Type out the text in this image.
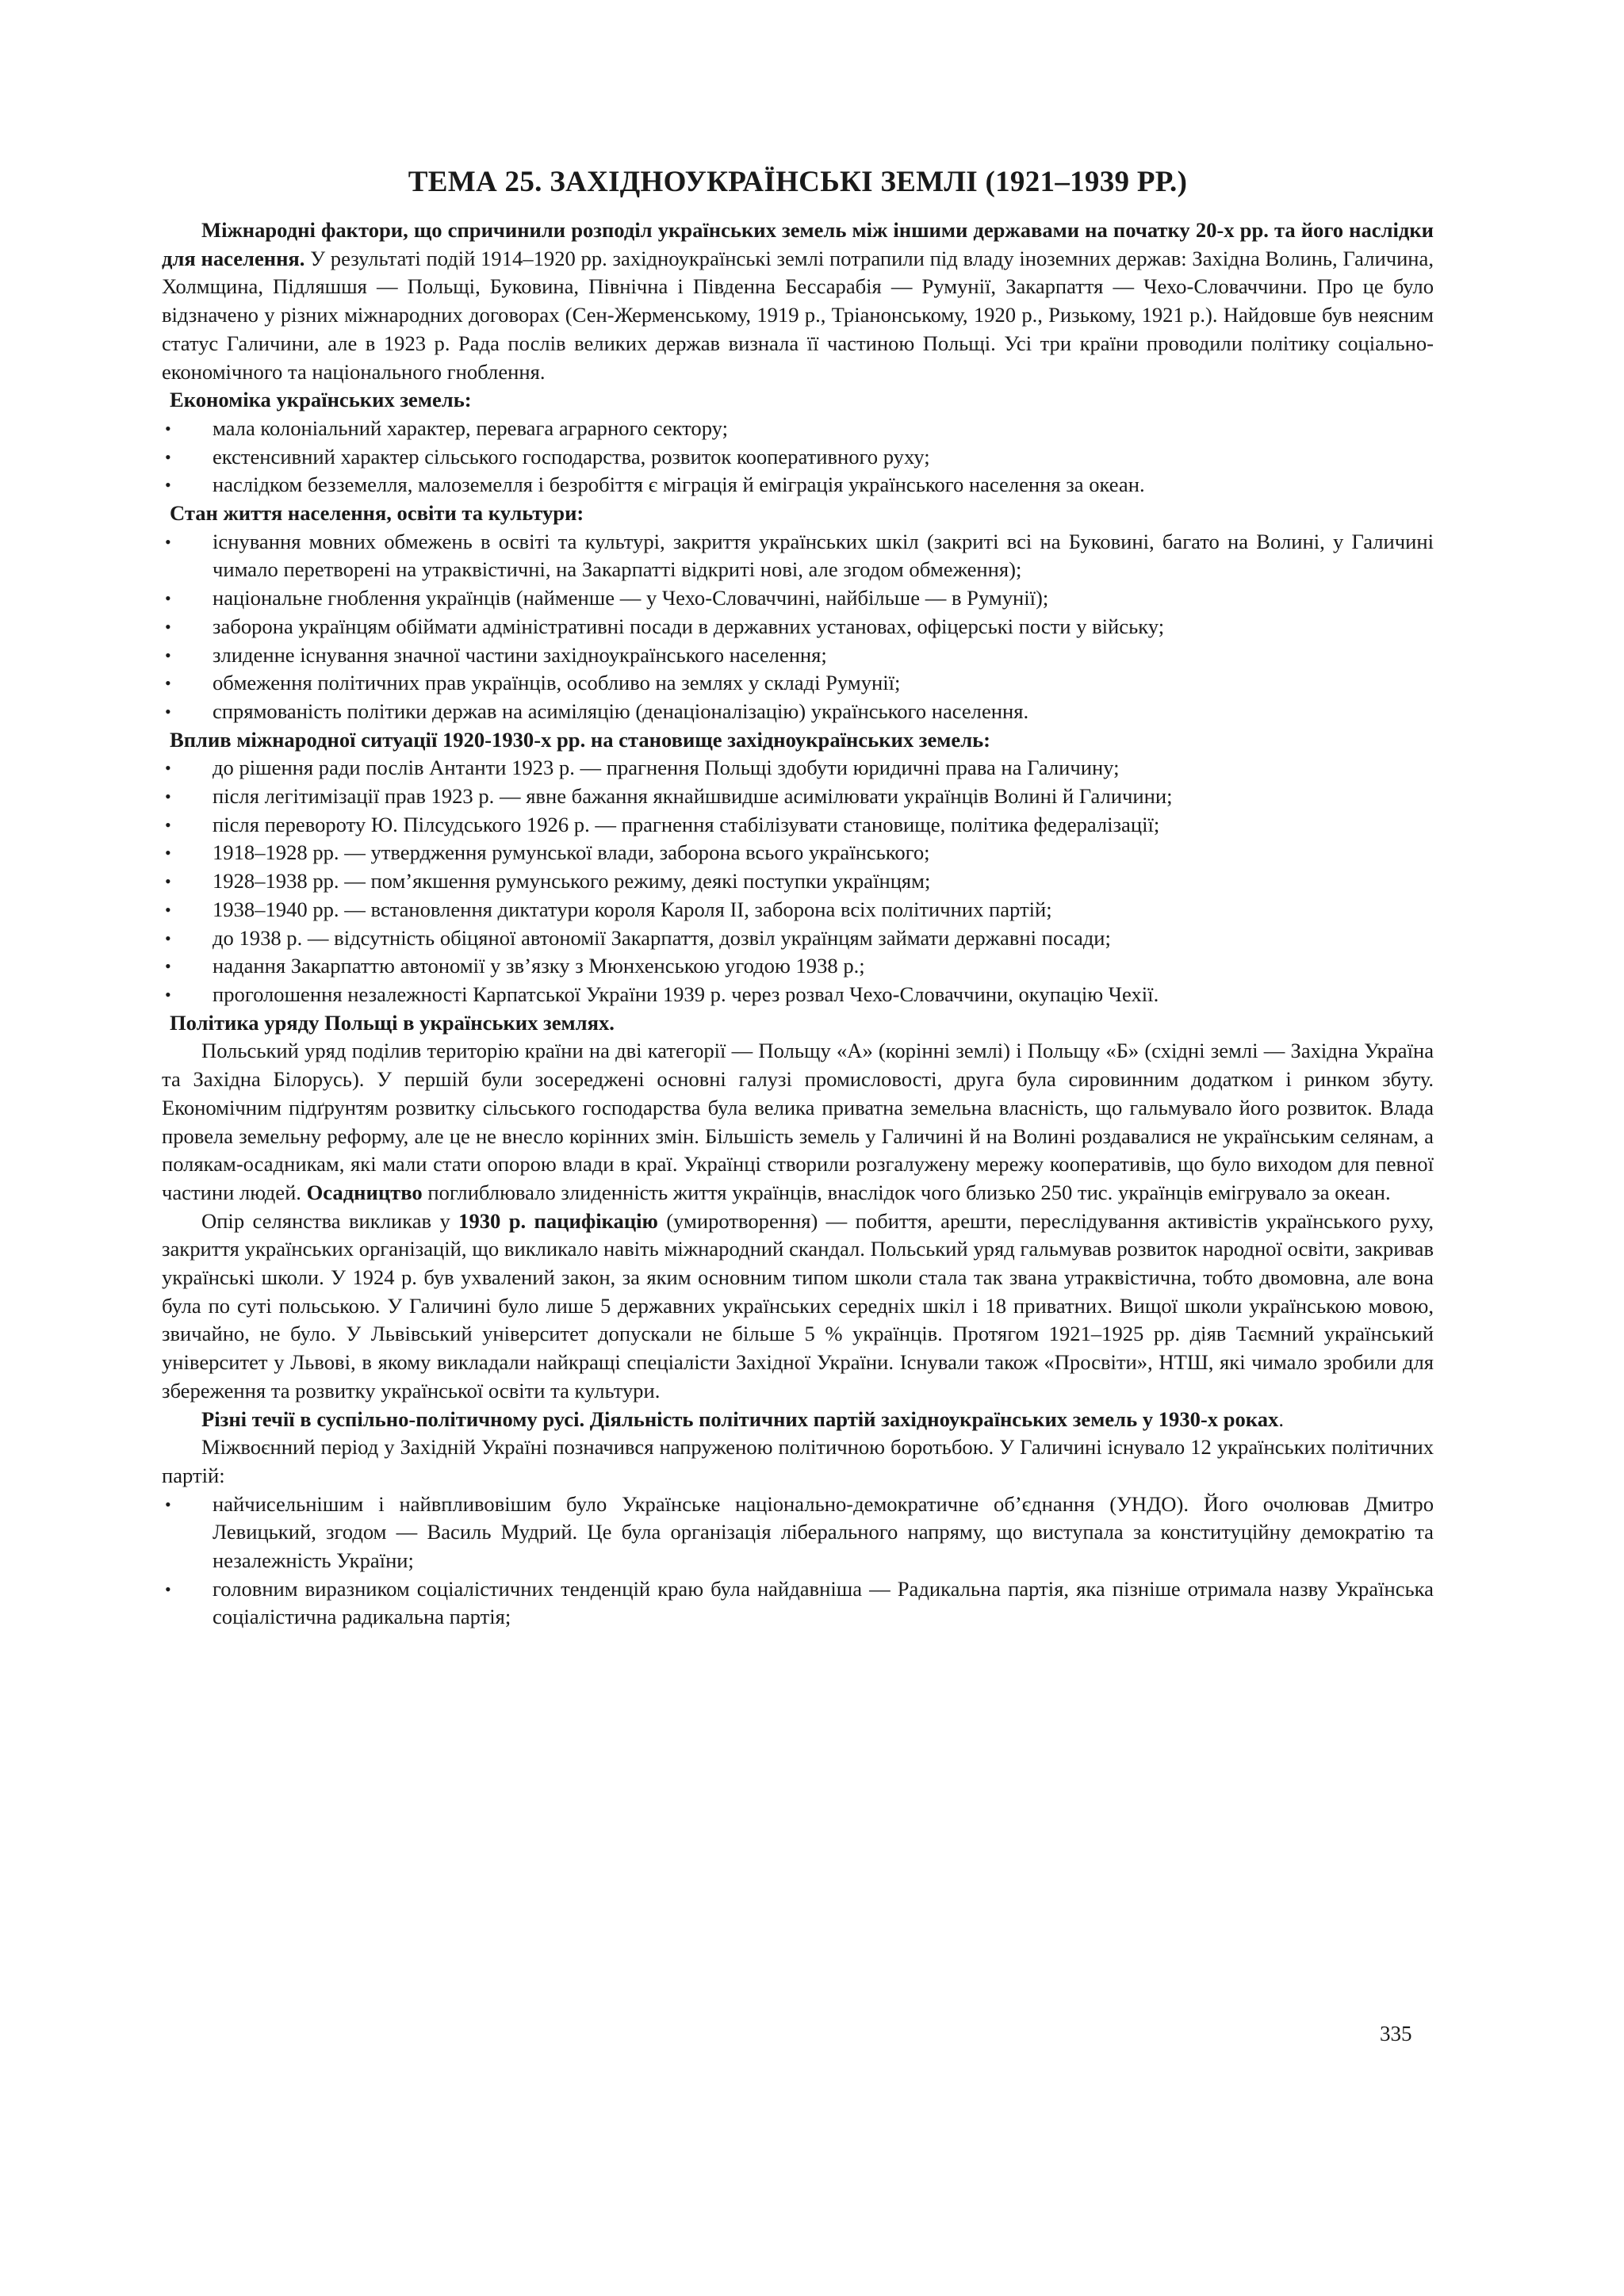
ТЕМА 25. ЗАХІДНОУКРАЇНСЬКІ ЗЕМЛІ (1921–1939 РР.)

Міжнародні фактори, що спричинили розподіл українських земель між іншими державами на початку 20-х рр. та його наслідки для населення. У результаті подій 1914–1920 рр. західноукраїнські землі потрапили під владу іноземних держав: Західна Волинь, Галичина, Холмщина, Підляшшя — Польщі, Буковина, Північна і Південна Бессарабія — Румунії, Закарпаття — Чехо-Словаччини. Про це було відзначено у різних міжнародних договорах (Сен-Жерменському, 1919 р., Тріанонському, 1920 р., Ризькому, 1921 р.). Найдовше був неясним статус Галичини, але в 1923 р. Рада послів великих держав визнала її частиною Польщі. Усі три країни проводили політику соціально-економічного та національного гноблення.

Економіка українських земель:

• мала колоніальний характер, перевага аграрного сектору;
• екстенсивний характер сільського господарства, розвиток кооперативного руху;
• наслідком безземелля, малоземелля і безробіття є міграція й еміграція українського населення за океан.

Стан життя населення, освіти та культури:

• існування мовних обмежень в освіті та культурі, закриття українських шкіл (закриті всі на Буковині, багато на Волині, у Галичині чимало перетворені на утраквістичні, на Закарпатті відкриті нові, але згодом обмеження);
• національне гноблення українців (найменше — у Чехо-Словаччині, найбільше — в Румунії);
• заборона українцям обіймати адміністративні посади в державних установах, офіцерські пости у війську;
• злиденне існування значної частини західноукраїнського населення;
• обмеження політичних прав українців, особливо на землях у складі Румунії;
• спрямованість політики держав на асиміляцію (денаціоналізацію) українського населення.

Вплив міжнародної ситуації 1920-1930-х рр. на становище західноукраїнських земель:

• до рішення ради послів Антанти 1923 р. — прагнення Польщі здобути юридичні права на Галичину;
• після легітимізації прав 1923 р. — явне бажання якнайшвидше асимілювати українців Волині й Галичини;
• після перевороту Ю. Пілсудського 1926 р. — прагнення стабілізувати становище, політика федералізації;
• 1918–1928 рр. — утвердження румунської влади, заборона всього українського;
• 1928–1938 рр. — пом’якшення румунського режиму, деякі поступки українцям;
• 1938–1940 рр. — встановлення диктатури короля Кароля II, заборона всіх політичних партій;
• до 1938 р. — відсутність обіцяної автономії Закарпаття, дозвіл українцям займати державні посади;
• надання Закарпаттю автономії у зв’язку з Мюнхенською угодою 1938 р.;
• проголошення незалежності Карпатської України 1939 р. через розвал Чехо-Словаччини, окупацію Чехії.

Політика уряду Польщі в українських землях.

Польський уряд поділив територію країни на дві категорії — Польщу «А» (корінні землі) і Польщу «Б» (східні землі — Західна Україна та Західна Білорусь). У першій були зосереджені основні галузі промисловості, друга була сировинним додатком і ринком збуту. Економічним підґрунтям розвитку сільського господарства була велика приватна земельна власність, що гальмувало його розвиток. Влада провела земельну реформу, але це не внесло корінних змін. Більшість земель у Галичині й на Волині роздавалися не українським селянам, а полякам-осадникам, які мали стати опорою влади в краї. Українці створили розгалужену мережу кооперативів, що було виходом для певної частини людей. Осадництво поглиблювало злиденність життя українців, внаслідок чого близько 250 тис. українців емігрувало за океан.

Опір селянства викликав у 1930 р. пацифікацію (умиротворення) — побиття, арешти, переслідування активістів українського руху, закриття українських організацій, що викликало навіть міжнародний скандал. Польський уряд гальмував розвиток народної освіти, закривав українські школи. У 1924 р. був ухвалений закон, за яким основним типом школи стала так звана утраквістична, тобто двомовна, але вона була по суті польською. У Галичині було лише 5 державних українських середніх шкіл і 18 приватних. Вищої школи українською мовою, звичайно, не було. У Львівський університет допускали не більше 5 % українців. Протягом 1921–1925 рр. діяв Таємний український університет у Львові, в якому викладали найкращі спеціалісти Західної України. Існували також «Просвіти», НТШ, які чимало зробили для збереження та розвитку української освіти та культури.

Різні течії в суспільно-політичному русі. Діяльність політичних партій західноукраїнських земель у 1930-х роках.

Міжвоєнний період у Західній Україні позначився напруженою політичною боротьбою. У Галичині існувало 12 українських політичних партій:

• найчисельнішим і найвпливовішим було Українське національно-демократичне об’єднання (УНДО). Його очолював Дмитро Левицький, згодом — Василь Мудрий. Це була організація ліберального напряму, що виступала за конституційну демократію та незалежність України;
• головним виразником соціалістичних тенденцій краю була найдавніша — Радикальна партія, яка пізніше отримала назву Українська соціалістична радикальна партія;
335
